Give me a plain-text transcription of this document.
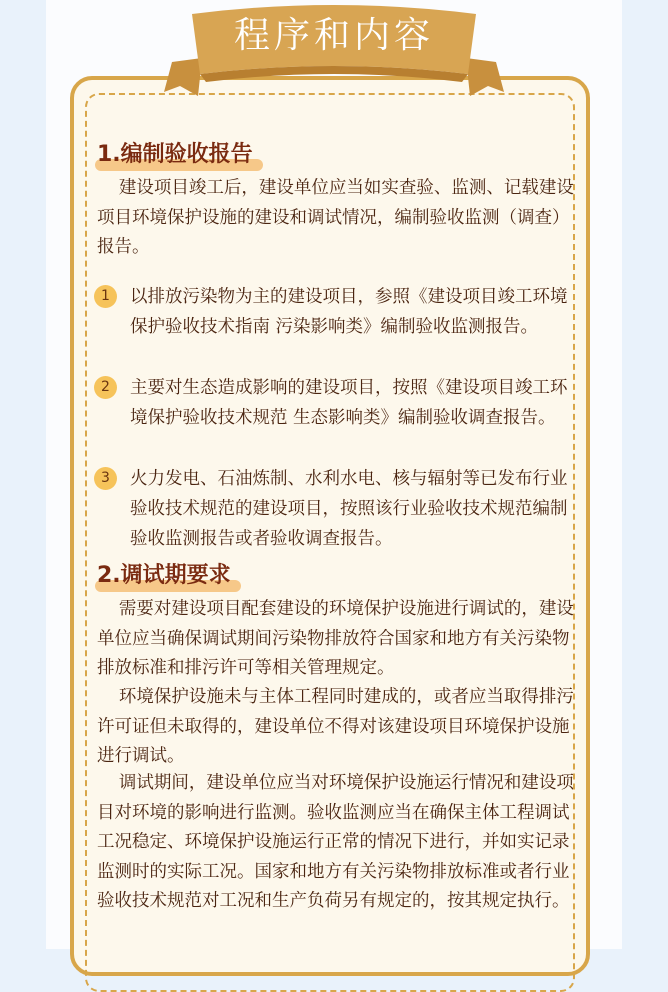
程序和内容
1.编制验收报告

建设项目竣工后，建设单位应当如实查验、监测、记载建设项目环境保护设施的建设和调试情况，编制验收监测（调查）报告。

1	以排放污染物为主的建设项目，参照《建设项目竣工环境保护验收技术指南 污染影响类》编制验收监测报告。

2	主要对生态造成影响的建设项目，按照《建设项目竣工环境保护验收技术规范 生态影响类》编制验收调查报告。

3	火力发电、石油炼制、水利水电、核与辐射等已发布行业验收技术规范的建设项目，按照该行业验收技术规范编制验收监测报告或者验收调查报告。

2.调试期要求

需要对建设项目配套建设的环境保护设施进行调试的，建设单位应当确保调试期间污染物排放符合国家和地方有关污染物排放标准和排污许可等相关管理规定。

环境保护设施未与主体工程同时建成的，或者应当取得排污许可证但未取得的，建设单位不得对该建设项目环境保护设施进行调试。

调试期间，建设单位应当对环境保护设施运行情况和建设项目对环境的影响进行监测。验收监测应当在确保主体工程调试工况稳定、环境保护设施运行正常的情况下进行，并如实记录监测时的实际工况。国家和地方有关污染物排放标准或者行业验收技术规范对工况和生产负荷另有规定的，按其规定执行。
